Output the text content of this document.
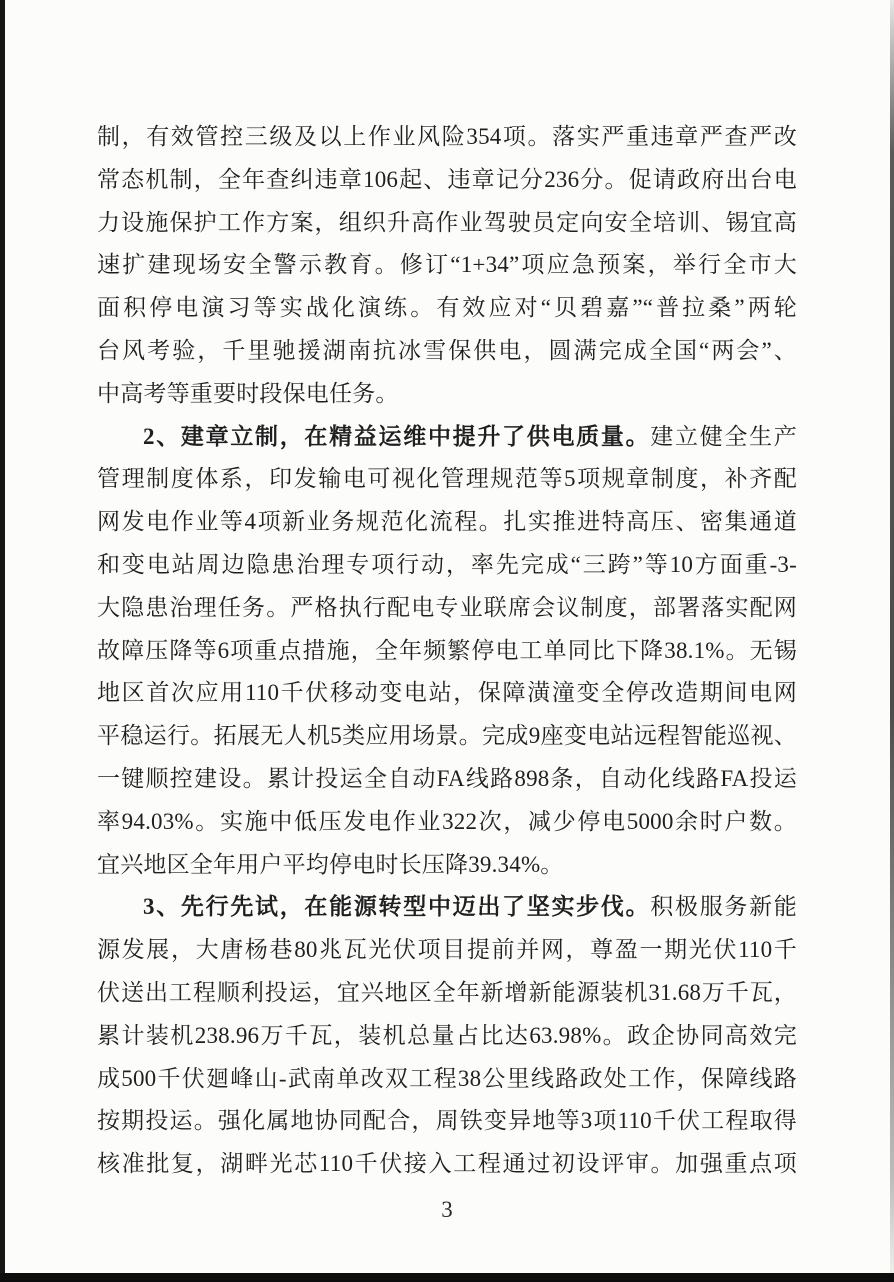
制，有效管控三级及以上作业风险354项。落实严重违章严查严改
常态机制，全年查纠违章106起、违章记分236分。促请政府出台电
力设施保护工作方案，组织升高作业驾驶员定向安全培训、锡宜高
速扩建现场安全警示教育。修订“1+34”项应急预案，举行全市大
面积停电演习等实战化演练。有效应对“贝碧嘉”“普拉桑”两轮
台风考验，千里驰援湖南抗冰雪保供电，圆满完成全国“两会”、
中高考等重要时段保电任务。
2、建章立制，在精益运维中提升了供电质量。建立健全生产
管理制度体系，印发输电可视化管理规范等5项规章制度，补齐配
网发电作业等4项新业务规范化流程。扎实推进特高压、密集通道
和变电站周边隐患治理专项行动，率先完成“三跨”等10方面重-3-
大隐患治理任务。严格执行配电专业联席会议制度，部署落实配网
故障压降等6项重点措施，全年频繁停电工单同比下降38.1%。无锡
地区首次应用110千伏移动变电站，保障潢潼变全停改造期间电网
平稳运行。拓展无人机5类应用场景。完成9座变电站远程智能巡视、
一键顺控建设。累计投运全自动FA线路898条，自动化线路FA投运
率94.03%。实施中低压发电作业322次，减少停电5000余时户数。
宜兴地区全年用户平均停电时长压降39.34%。
3、先行先试，在能源转型中迈出了坚实步伐。积极服务新能
源发展，大唐杨巷80兆瓦光伏项目提前并网，尊盈一期光伏110千
伏送出工程顺利投运，宜兴地区全年新增新能源装机31.68万千瓦，
累计装机238.96万千瓦，装机总量占比达63.98%。政企协同高效完
成500千伏廻峰山-武南单改双工程38公里线路政处工作，保障线路
按期投运。强化属地协同配合，周铁变异地等3项110千伏工程取得
核准批复，湖畔光芯110千伏接入工程通过初设评审。加强重点项
3
